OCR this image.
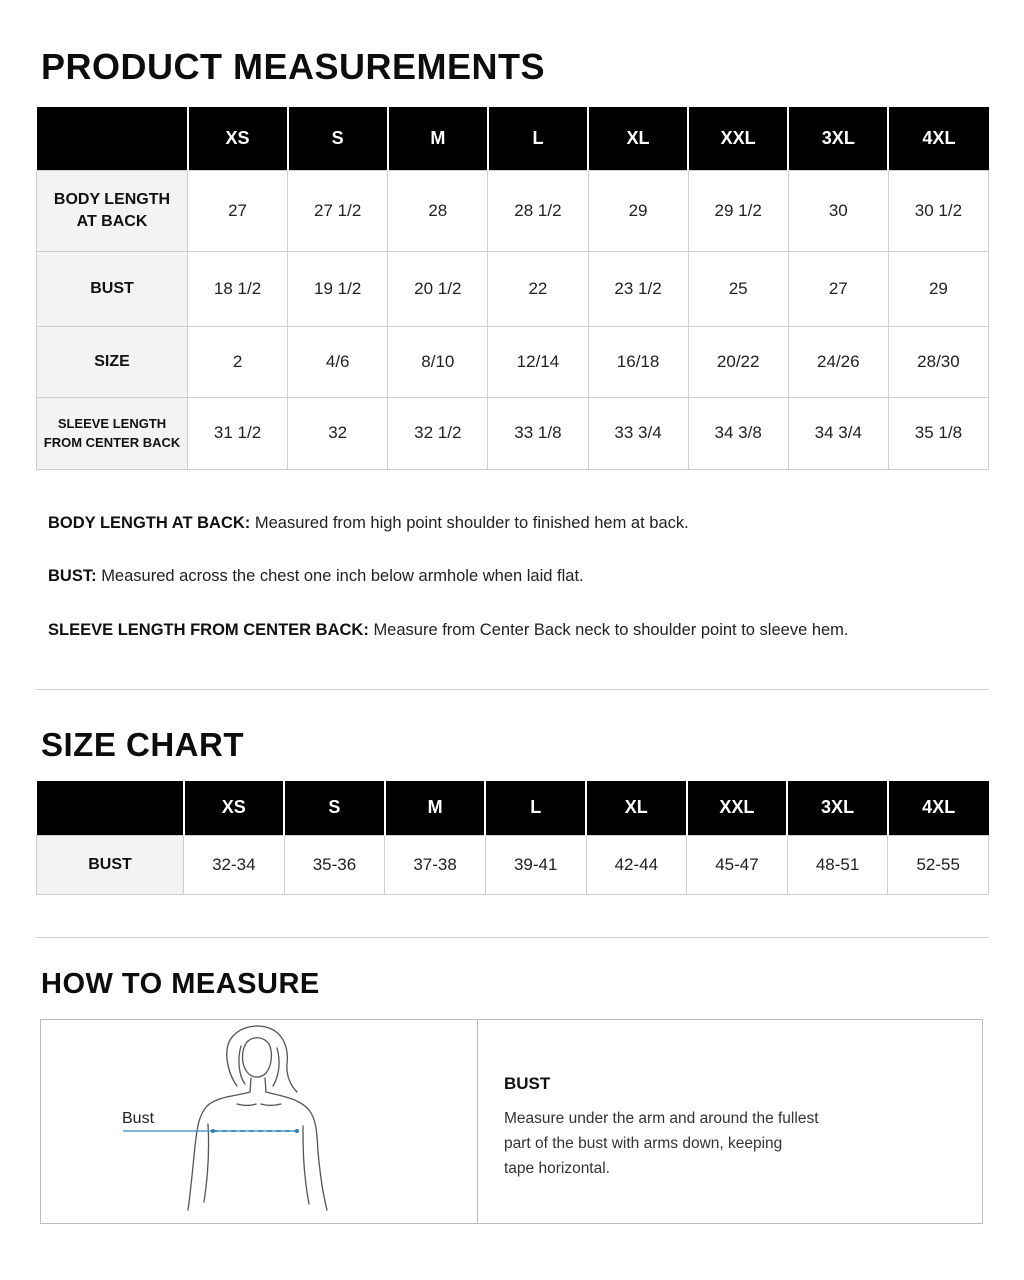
PRODUCT MEASUREMENTS
	XS	S	M	L	XL	XXL	3XL	4XL
BODY LENGTH
AT BACK	27	27 1/2	28	28 1/2	29	29 1/2	30	30 1/2
BUST	18 1/2	19 1/2	20 1/2	22	23 1/2	25	27	29
SIZE	2	4/6	8/10	12/14	16/18	20/22	24/26	28/30
SLEEVE LENGTH
FROM CENTER BACK	31 1/2	32	32 1/2	33 1/8	33 3/4	34 3/8	34 3/4	35 1/8
BODY LENGTH AT BACK: Measured from high point shoulder to finished hem at back.
BUST: Measured across the chest one inch below armhole when laid flat.
SLEEVE LENGTH FROM CENTER BACK: Measure from Center Back neck to shoulder point to sleeve hem.
SIZE CHART
	XS	S	M	L	XL	XXL	3XL	4XL
BUST	32-34	35-36	37-38	39-41	42-44	45-47	48-51	52-55
HOW TO MEASURE
Bust
BUST
Measure under the arm and around the fullest
part of the bust with arms down, keeping
tape horizontal.
